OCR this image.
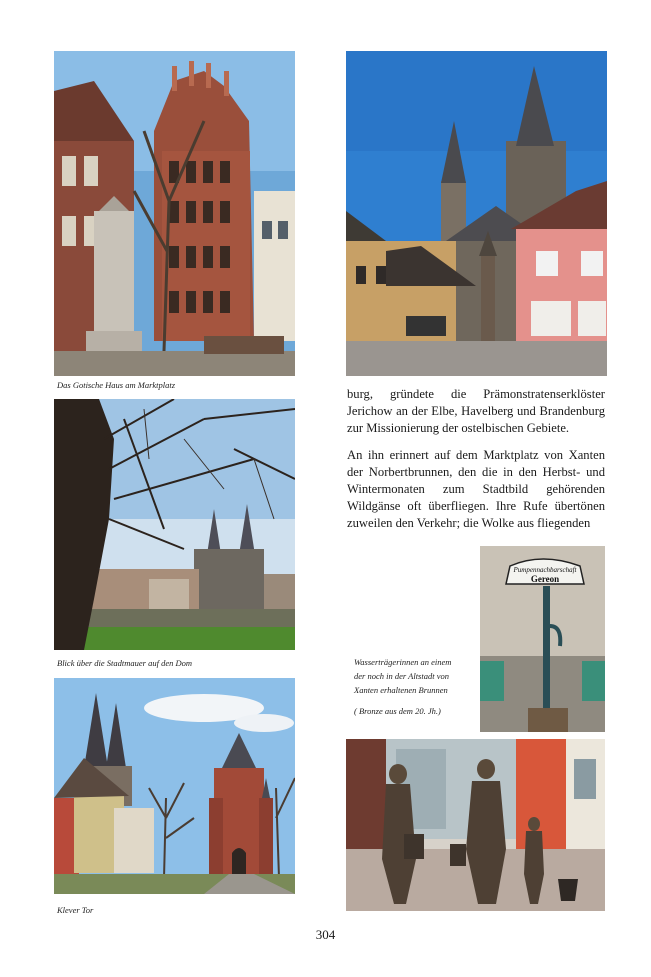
Das Gotische Haus am Marktplatz
Blick über die Stadtmauer auf den Dom

burg, gründete die Prämonstratenserklöster Jerichow an der Elbe, Havelberg und Brandenburg zur Missionierung der ostelbischen Gebiete.

An ihn erinnert auf dem Marktplatz von Xanten der Norbertbrunnen, den die in den Herbst- und Wintermonaten zum Stadtbild gehörenden Wildgänse oft überfliegen. Ihre Rufe übertönen zuweilen den Verkehr; die Wolke aus fliegenden

Klever Tor
Pumpennachbarschaft
Gereon
Wasserträgerinnen an einem
der noch in der Altstadt von
Xanten erhaltenen Brunnen
( Bronze aus dem 20. Jh.)
304
